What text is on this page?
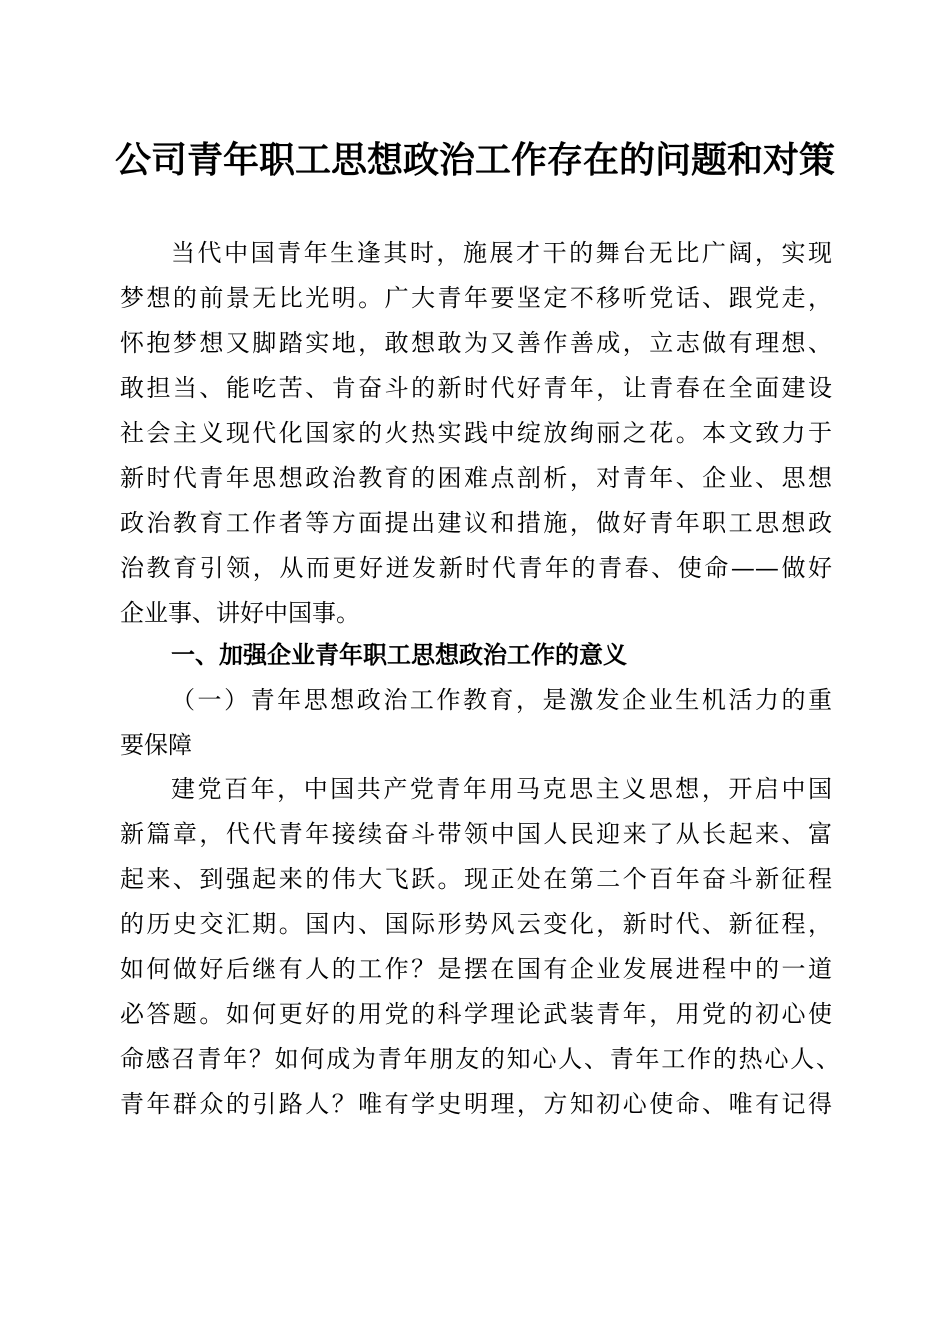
公司青年职工思想政治工作存在的问题和对策
当代中国青年生逢其时，施展才干的舞台无比广阔，实现
梦想的前景无比光明。广大青年要坚定不移听党话、跟党走，
怀抱梦想又脚踏实地，敢想敢为又善作善成，立志做有理想、
敢担当、能吃苦、肯奋斗的新时代好青年，让青春在全面建设
社会主义现代化国家的火热实践中绽放绚丽之花。本文致力于
新时代青年思想政治教育的困难点剖析，对青年、企业、思想
政治教育工作者等方面提出建议和措施，做好青年职工思想政
治教育引领，从而更好迸发新时代青年的青春、使命——做好
企业事、讲好中国事。
一、加强企业青年职工思想政治工作的意义
（一）青年思想政治工作教育，是激发企业生机活力的重
要保障
建党百年，中国共产党青年用马克思主义思想，开启中国
新篇章，代代青年接续奋斗带领中国人民迎来了从长起来、富
起来、到强起来的伟大飞跃。现正处在第二个百年奋斗新征程
的历史交汇期。国内、国际形势风云变化，新时代、新征程，
如何做好后继有人的工作？是摆在国有企业发展进程中的一道
必答题。如何更好的用党的科学理论武装青年，用党的初心使
命感召青年？如何成为青年朋友的知心人、青年工作的热心人、
青年群众的引路人？唯有学史明理，方知初心使命、唯有记得
